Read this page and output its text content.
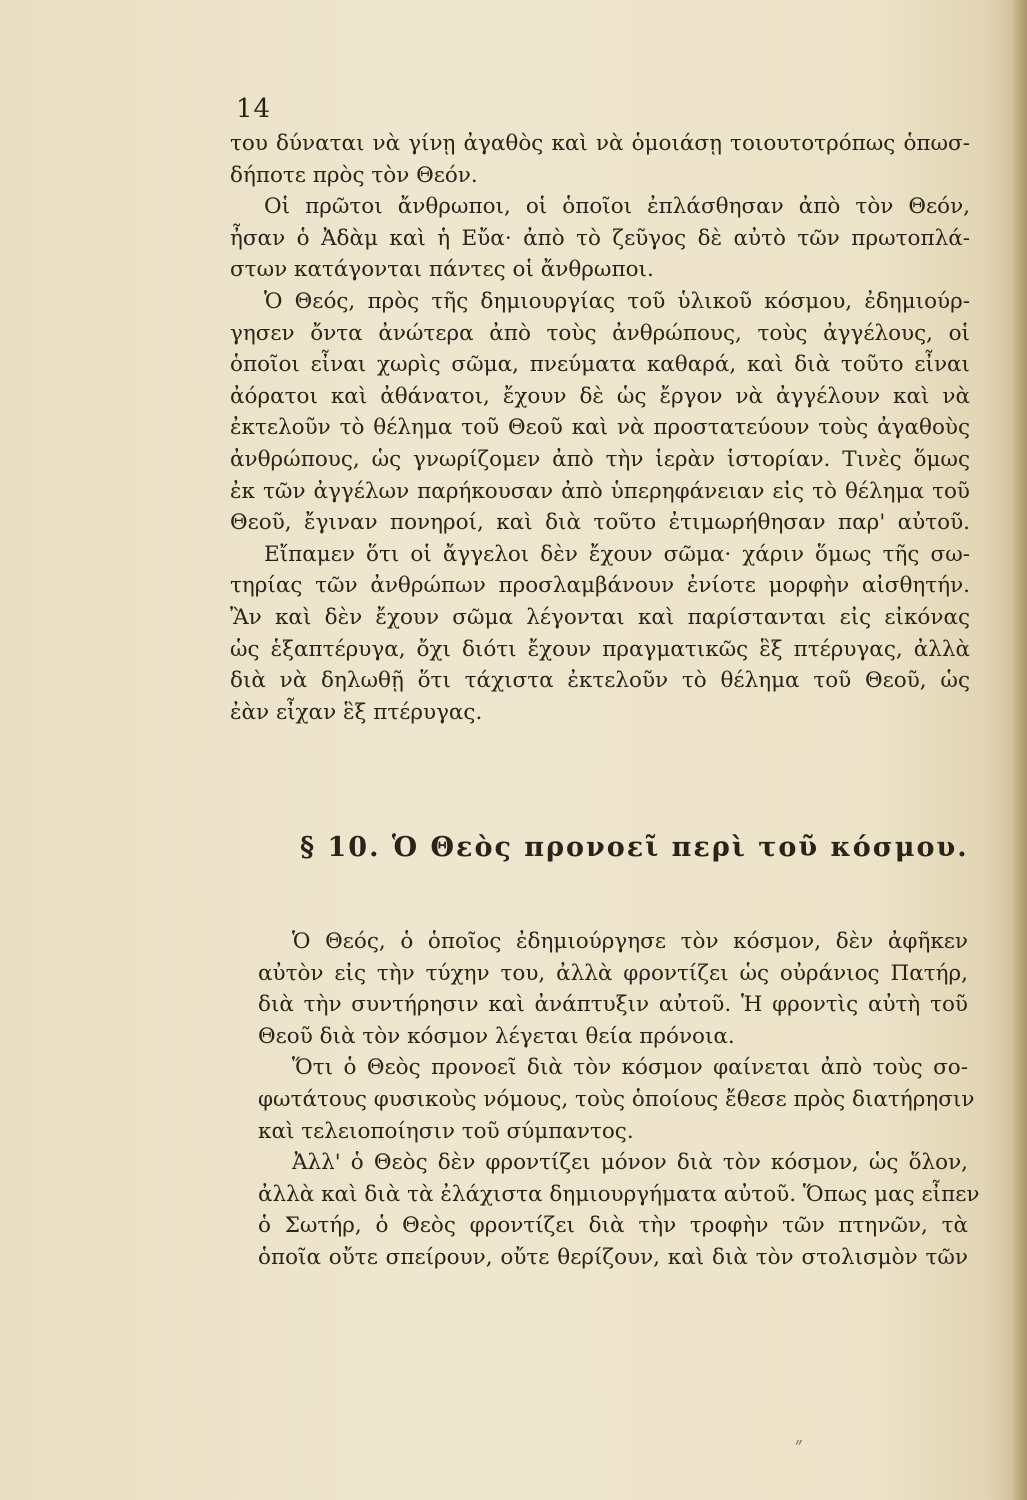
14
του δύναται νὰ γίνῃ ἀγαθὸς καὶ νὰ ὁμοιάσῃ τοιουτοτρόπως ὁπωσ-
δήποτε πρὸς τὸν Θεόν.
Οἱ πρῶτοι ἄνθρωποι, οἱ ὁποῖοι ἐπλάσθησαν ἀπὸ τὸν Θεόν,
ἦσαν ὁ Ἀδὰμ καὶ ἡ Εὔα· ἀπὸ τὸ ζεῦγος δὲ αὐτὸ τῶν πρωτοπλά-
στων κατάγονται πάντες οἱ ἄνθρωποι.
Ὁ Θεός, πρὸς τῆς δημιουργίας τοῦ ὑλικοῦ κόσμου, ἐδημιούρ-
γησεν ὄντα ἀνώτερα ἀπὸ τοὺς ἀνθρώπους, τοὺς ἀγγέλους, οἱ
ὁποῖοι εἶναι χωρὶς σῶμα, πνεύματα καθαρά, καὶ διὰ τοῦτο εἶναι
ἀόρατοι καὶ ἀθάνατοι, ἔχουν δὲ ὡς ἔργον νὰ ἀγγέλουν καὶ νὰ
ἐκτελοῦν τὸ θέλημα τοῦ Θεοῦ καὶ νὰ προστατεύουν τοὺς ἀγαθοὺς
ἀνθρώπους, ὡς γνωρίζομεν ἀπὸ τὴν ἱερὰν ἱστορίαν. Τινὲς ὅμως
ἐκ τῶν ἀγγέλων παρήκουσαν ἀπὸ ὑπερηφάνειαν εἰς τὸ θέλημα τοῦ
Θεοῦ, ἔγιναν πονηροί, καὶ διὰ τοῦτο ἐτιμωρήθησαν παρ' αὐτοῦ.
Εἴπαμεν ὅτι οἱ ἄγγελοι δὲν ἔχουν σῶμα· χάριν ὅμως τῆς σω-
τηρίας τῶν ἀνθρώπων προσλαμβάνουν ἐνίοτε μορφὴν αἰσθητήν.
Ἂν καὶ δὲν ἔχουν σῶμα λέγονται καὶ παρίστανται εἰς εἰκόνας
ὡς ἑξαπτέρυγα, ὄχι διότι ἔχουν πραγματικῶς ἓξ πτέρυγας, ἀλλὰ
διὰ νὰ δηλωθῇ ὅτι τάχιστα ἐκτελοῦν τὸ θέλημα τοῦ Θεοῦ, ὡς
ἐὰν εἶχαν ἓξ πτέρυγας.
§ 10. Ὁ Θεὸς προνοεῖ περὶ τοῦ κόσμου.
Ὁ Θεός, ὁ ὁποῖος ἐδημιούργησε τὸν κόσμον, δὲν ἀφῆκεν
αὐτὸν εἰς τὴν τύχην του, ἀλλὰ φροντίζει ὡς οὐράνιος Πατήρ,
διὰ τὴν συντήρησιν καὶ ἀνάπτυξιν αὐτοῦ. Ἡ φροντὶς αὐτὴ τοῦ
Θεοῦ διὰ τὸν κόσμον λέγεται θεία πρόνοια.
Ὅτι ὁ Θεὸς προνοεῖ διὰ τὸν κόσμον φαίνεται ἀπὸ τοὺς σο-
φωτάτους φυσικοὺς νόμους, τοὺς ὁποίους ἔθεσε πρὸς διατήρησιν
καὶ τελειοποίησιν τοῦ σύμπαντος.
Ἀλλ' ὁ Θεὸς δὲν φροντίζει μόνον διὰ τὸν κόσμον, ὡς ὅλον,
ἀλλὰ καὶ διὰ τὰ ἐλάχιστα δημιουργήματα αὐτοῦ. Ὅπως μας εἶπεν
ὁ Σωτήρ, ὁ Θεὸς φροντίζει διὰ τὴν τροφὴν τῶν πτηνῶν, τὰ
ὁποῖα οὔτε σπείρουν, οὔτε θερίζουν, καὶ διὰ τὸν στολισμὸν τῶν
״
